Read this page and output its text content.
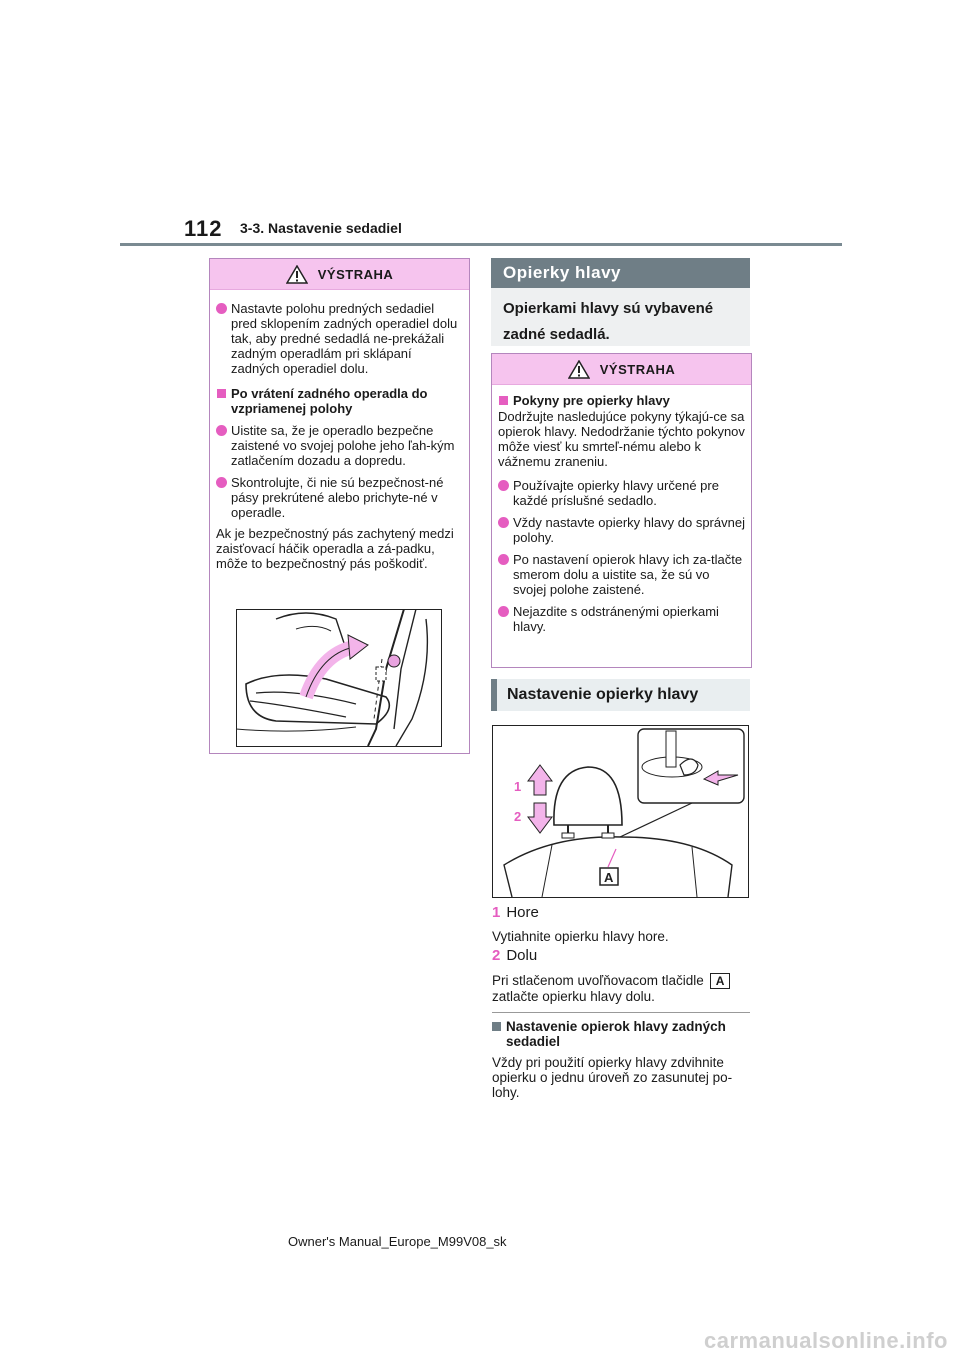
112 3-3. Nastavenie sedadiel
VÝSTRAHA
Nastavte polohu predných sedadiel pred sklopením zadných operadiel dolu tak, aby predné sedadlá ne-prekážali zadným operadlám pri sklápaní zadných operadiel dolu.
Po vrátení zadného operadla do vzpriamenej polohy
Uistite sa, že je operadlo bezpečne zaistené vo svojej polohe jeho ľah-kým zatlačením dozadu a dopredu.
Skontrolujte, či nie sú bezpečnost-né pásy prekrútené alebo prichyte-né v operadle.
Ak je bezpečnostný pás zachytený medzi zaisťovací háčik operadla a zá-padku, môže to bezpečnostný pás poškodiť.
Opierky hlavy
Opierkami hlavy sú vybavené zadné sedadlá.
VÝSTRAHA
Pokyny pre opierky hlavy
Dodržujte nasledujúce pokyny týkajú-ce sa opierok hlavy. Nedodržanie týchto pokynov môže viesť ku smrteľ-nému alebo k vážnemu zraneniu.
Používajte opierky hlavy určené pre každé príslušné sedadlo.
Vždy nastavte opierky hlavy do správnej polohy.
Po nastavení opierok hlavy ich za-tlačte smerom dolu a uistite sa, že sú vo svojej polohe zaistené.
Nejazdite s odstránenými opierkami hlavy.
Nastavenie opierky hlavy
1
2
A
1 Hore
Vytiahnite opierku hlavy hore.
2 Dolu
Pri stlačenom uvoľňovacom tlačidle A
zatlačte opierku hlavy dolu.
Nastavenie opierok hlavy zadných sedadiel
Vždy pri použití opierky hlavy zdvihnite opierku o jednu úroveň zo zasunutej po-lohy.
Owner's Manual_Europe_M99V08_sk
carmanualsonline.info
